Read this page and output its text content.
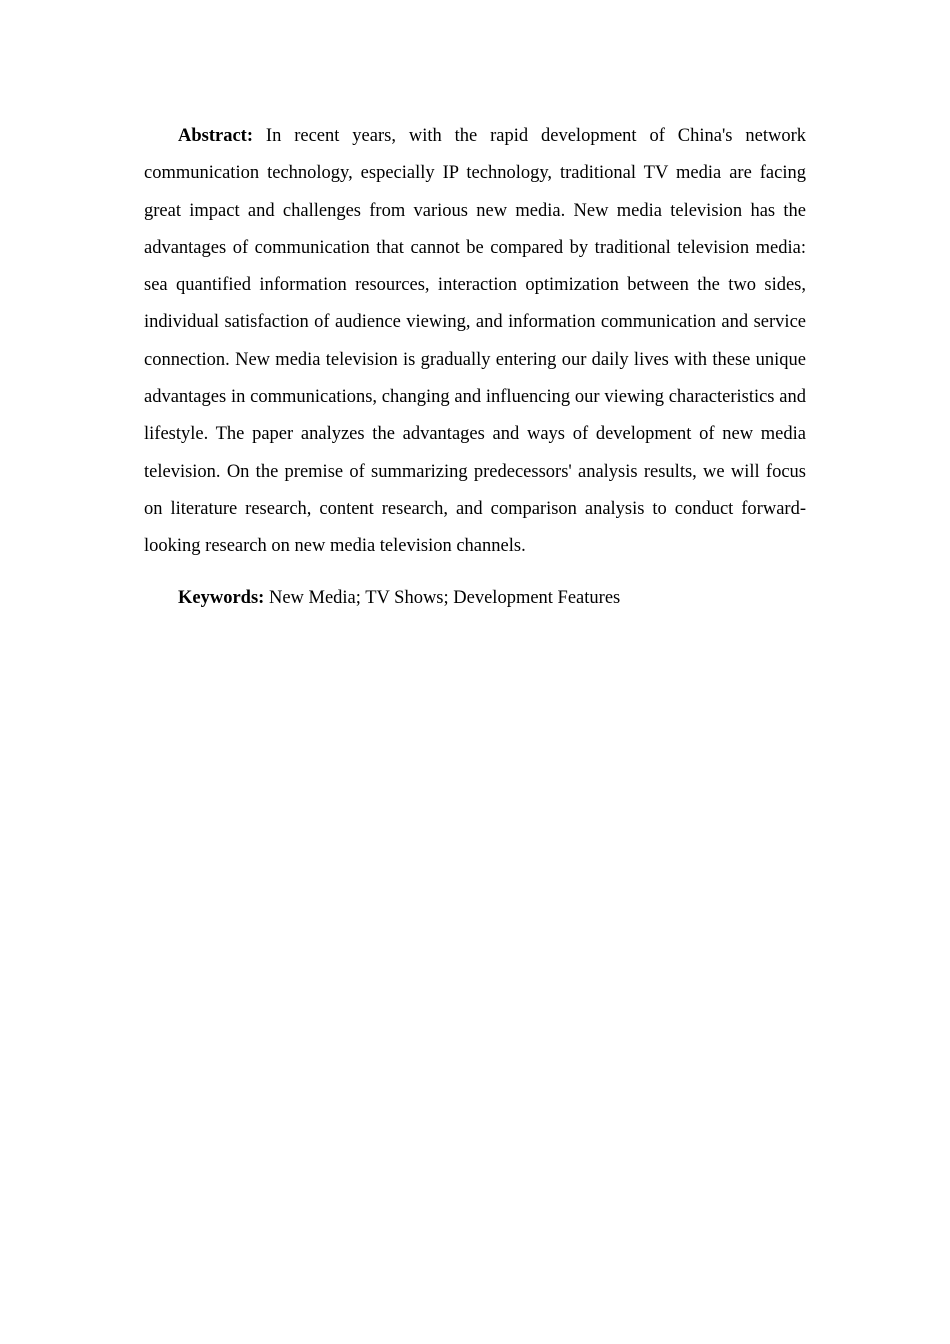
Abstract: In recent years, with the rapid development of China's network communication technology, especially IP technology, traditional TV media are facing great impact and challenges from various new media. New media television has the advantages of communication that cannot be compared by traditional television media: sea quantified information resources, interaction optimization between the two sides, individual satisfaction of audience viewing, and information communication and service connection. New media television is gradually entering our daily lives with these unique advantages in communications, changing and influencing our viewing characteristics and lifestyle. The paper analyzes the advantages and ways of development of new media television. On the premise of summarizing predecessors' analysis results, we will focus on literature research, content research, and comparison analysis to conduct forward-looking research on new media television channels.

Keywords: New Media; TV Shows; Development Features
